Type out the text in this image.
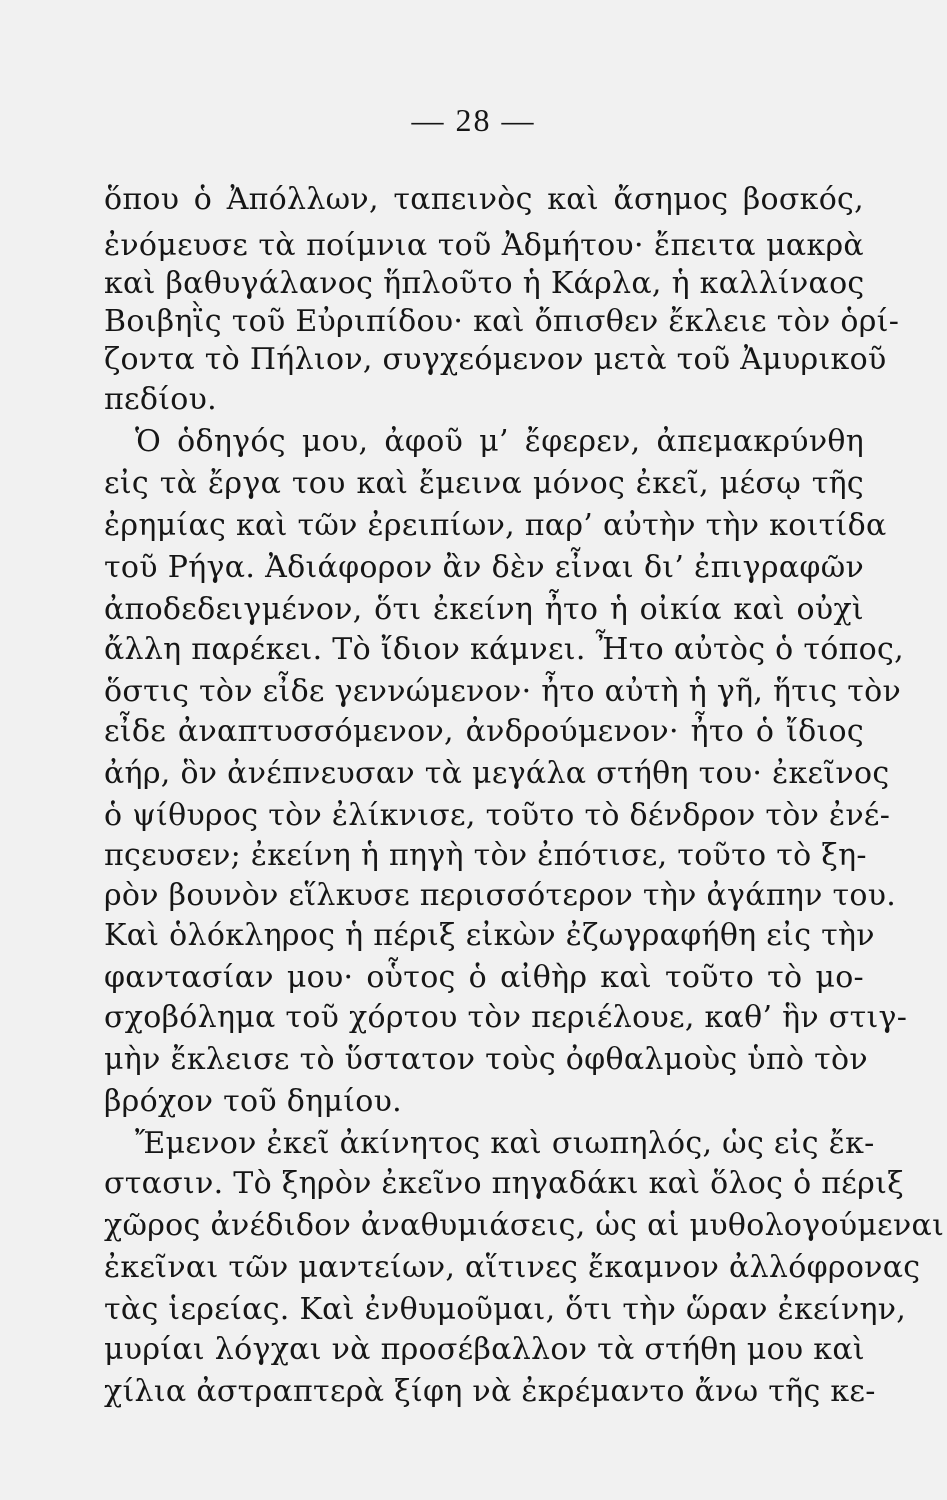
— 28 —

ὅπου ὁ Ἀπόλλων, ταπεινὸς καὶ ἄσημος βοσκός,

ἐνόμευσε τὰ ποίμνια τοῦ Ἀδμήτου· ἔπειτα μακρὰ

καὶ βαθυγάλανος ἥπλοῦτο ἡ Κάρλα, ἡ καλλίναος

Βοιβηῒς τοῦ Εὐριπίδου· καὶ ὄπισθεν ἔκλειε τὸν ὁρί-

ζοντα τὸ Πήλιον, συγχεόμενον μετὰ τοῦ Ἀμυρικοῦ

πεδίου.

Ὁ ὁδηγός μου, ἀφοῦ μ’ ἔφερεν, ἀπεμακρύνθη

εἰς τὰ ἔργα του καὶ ἔμεινα μόνος ἐκεῖ, μέσῳ τῆς

ἐρημίας καὶ τῶν ἐρειπίων, παρ’ αὐτὴν τὴν κοιτίδα

τοῦ Ρήγα. Ἀδιάφορον ἂν δὲν εἶναι δι’ ἐπιγραφῶν

ἀποδεδειγμένον, ὅτι ἐκείνη ἦτο ἡ οἰκία καὶ οὐχὶ

ἄλλη παρέκει. Τὸ ἴδιον κάμνει. Ἦτο αὐτὸς ὁ τόπος,

ὅστις τὸν εἶδε γεννώμενον· ἦτο αὐτὴ ἡ γῆ, ἥτις τὸν

εἶδε ἀναπτυσσόμενον, ἀνδρούμενον· ἦτο ὁ ἴδιος

ἀήρ, ὃν ἀνέπνευσαν τὰ μεγάλα στήθη του· ἐκεῖνος

ὁ ψίθυρος τὸν ἐλίκνισε, τοῦτο τὸ δένδρον τὸν ἐνέ-

πςευσεν; ἐκείνη ἡ πηγὴ τὸν ἐπότισε, τοῦτο τὸ ξη-

ρὸν βουνὸν εἵλκυσε περισσότερον τὴν ἀγάπην του.

Καὶ ὁλόκληρος ἡ πέριξ εἰκὼν ἐζωγραφήθη εἰς τὴν

φαντασίαν μου· οὗτος ὁ αἰθὴρ καὶ τοῦτο τὸ μο-

σχοβόλημα τοῦ χόρτου τὸν περιέλουε, καθ’ ἣν στιγ-

μὴν ἔκλεισε τὸ ὕστατον τοὺς ὀφθαλμοὺς ὑπὸ τὸν

βρόχον τοῦ δημίου.

Ἔμενον ἐκεῖ ἀκίνητος καὶ σιωπηλός, ὡς εἰς ἔκ-

στασιν. Τὸ ξηρὸν ἐκεῖνο πηγαδάκι καὶ ὅλος ὁ πέριξ

χῶρος ἀνέδιδον ἀναθυμιάσεις, ὡς αἱ μυθολογούμεναι

ἐκεῖναι τῶν μαντείων, αἵτινες ἔκαμνον ἀλλόφρονας

τὰς ἱερείας. Καὶ ἐνθυμοῦμαι, ὅτι τὴν ὥραν ἐκείνην,

μυρίαι λόγχαι νὰ προσέβαλλον τὰ στήθη μου καὶ

χίλια ἀστραπτερὰ ξίφη νὰ ἐκρέμαντο ἄνω τῆς κε-
